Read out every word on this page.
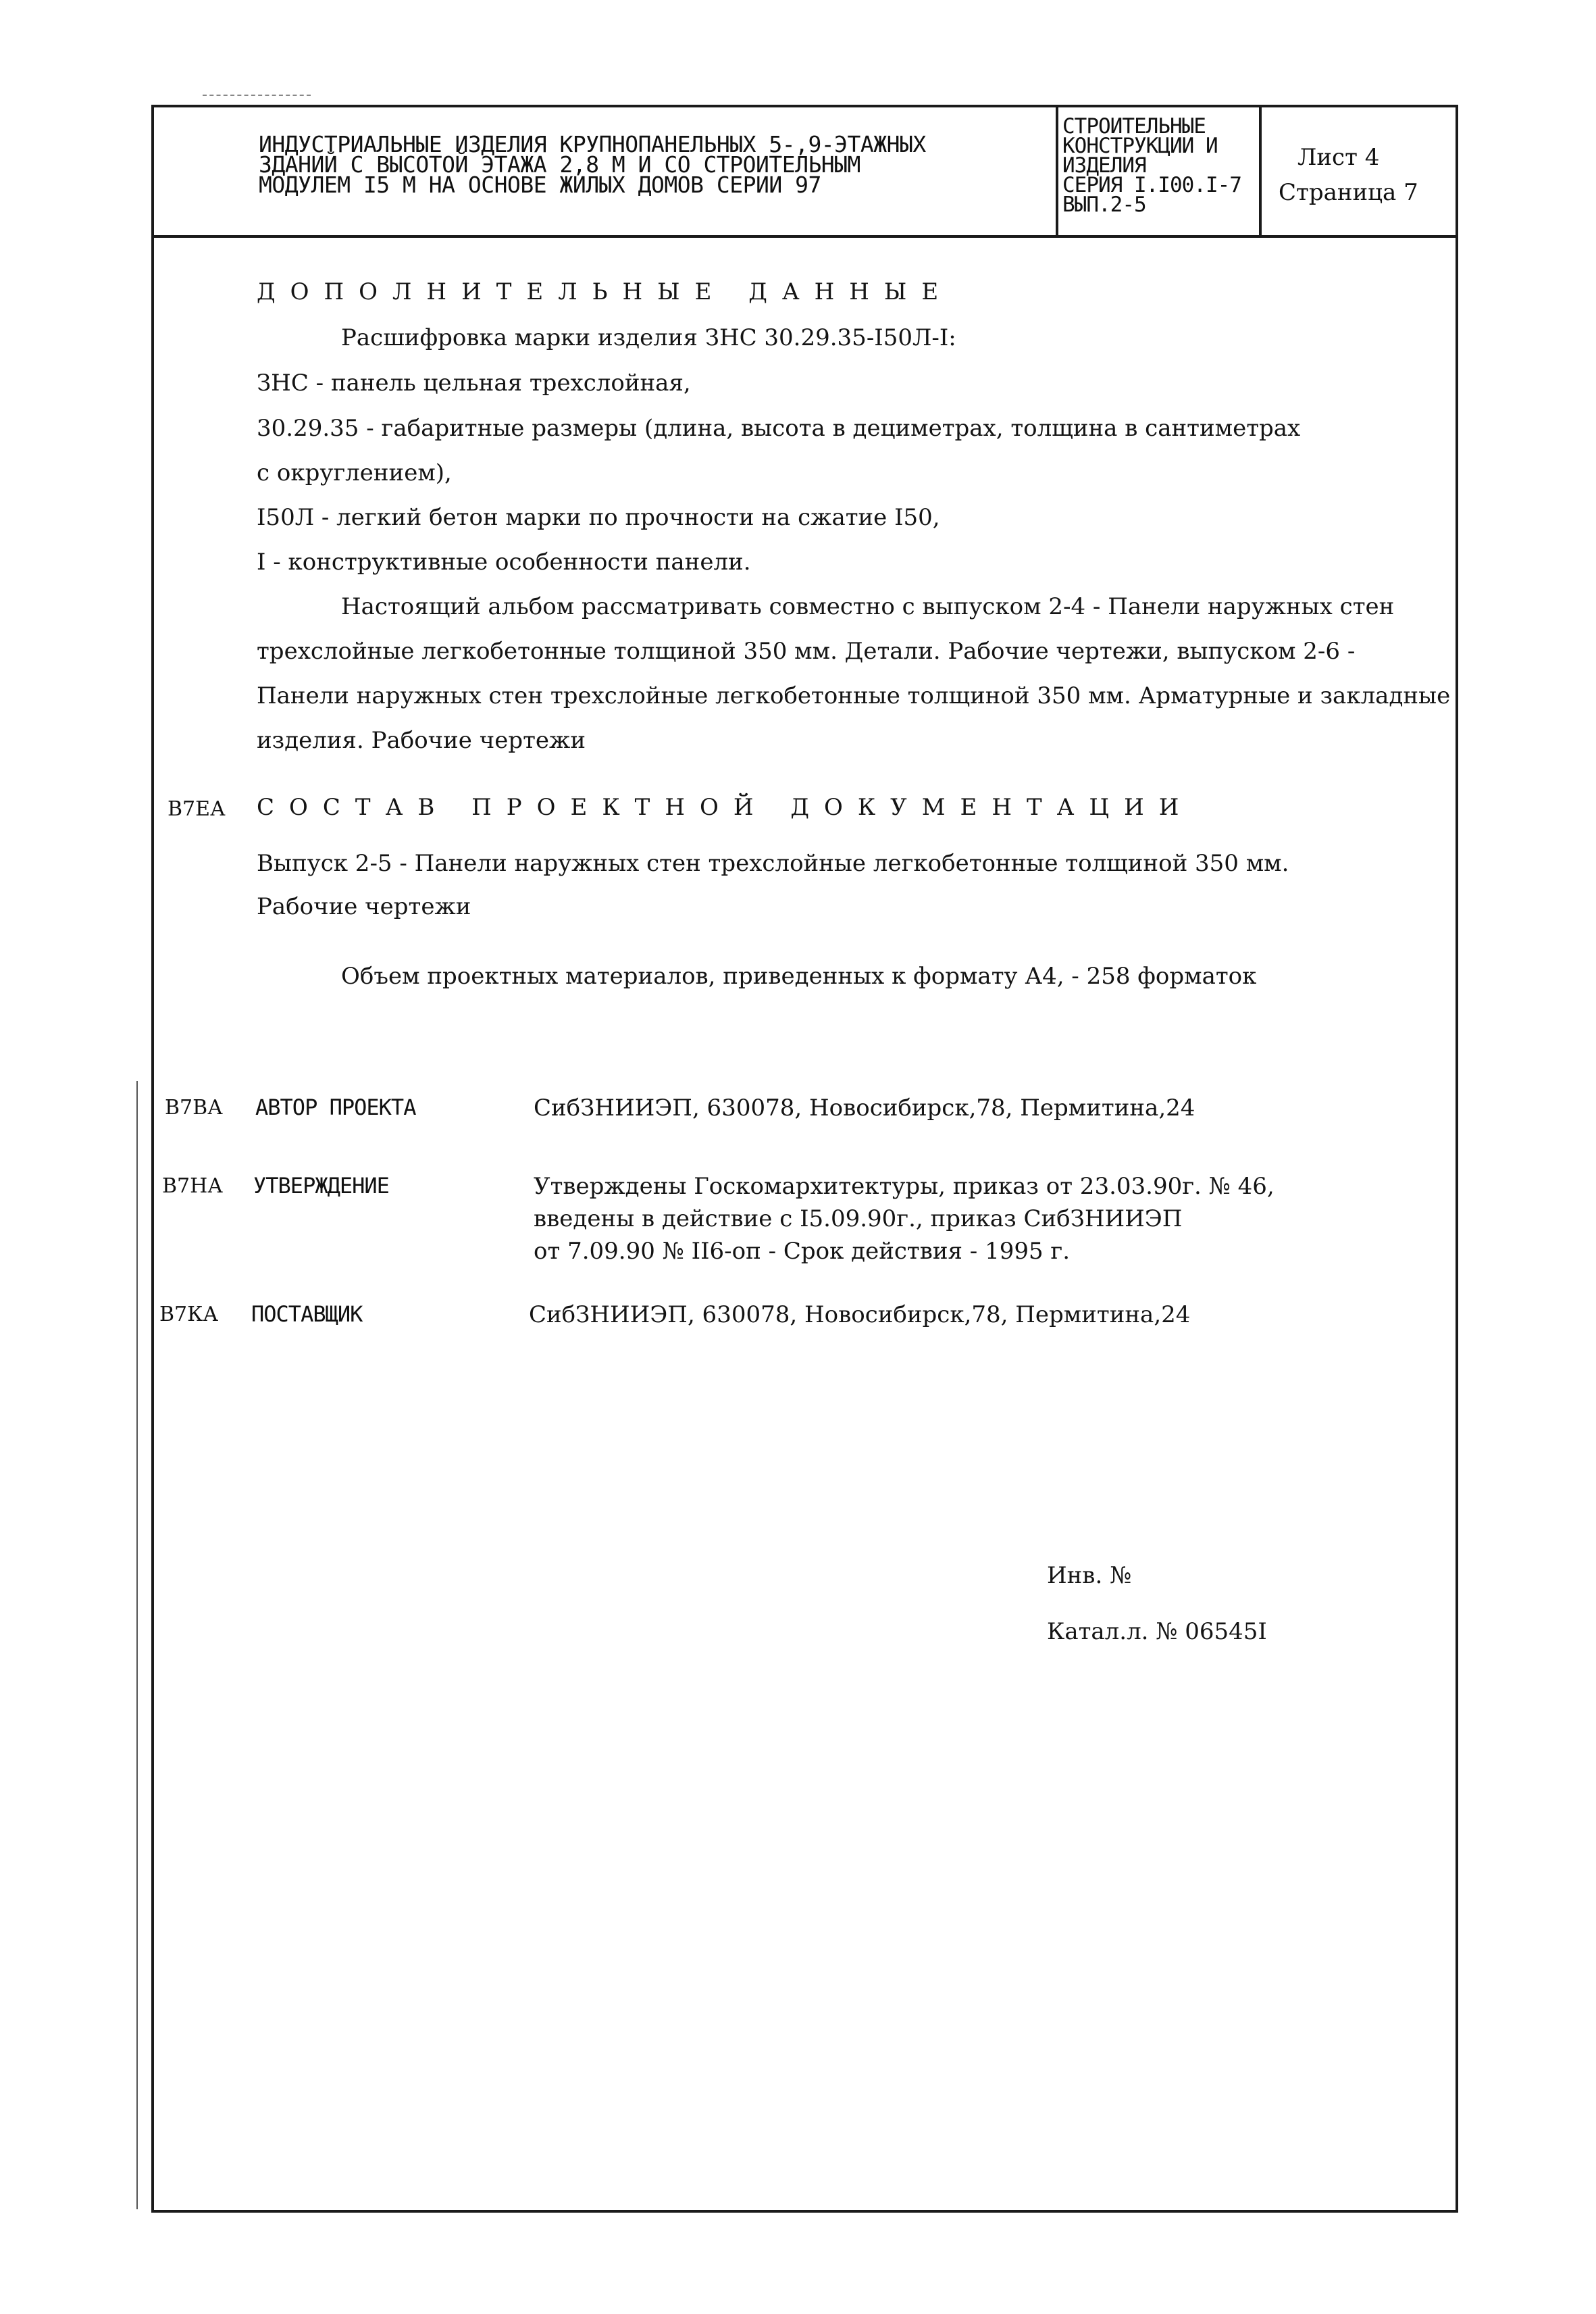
ИНДУСТРИАЛЬНЫЕ ИЗДЕЛИЯ КРУПНОПАНЕЛЬНЫХ 5-,9-ЭТАЖНЫХ
ЗДАНИЙ С ВЫСОТОЙ ЭТАЖА 2,8 М И СО СТРОИТЕЛЬНЫМ
МОДУЛЕМ I5 М НА ОСНОВЕ ЖИЛЫХ ДОМОВ СЕРИИ 97
СТРОИТЕЛЬНЫЕ
КОНСТРУКЦИИ И
ИЗДЕЛИЯ
СЕРИЯ I.I00.I-7
ВЫП.2-5
Лист 4
Страница 7
ДОПОЛНИТЕЛЬНЫЕ ДАННЫЕ
Расшифровка марки изделия ЗНС 30.29.35-I50Л-I:
ЗНС - панель цельная трехслойная,
30.29.35 - габаритные размеры (длина, высота в дециметрах, толщина в сантиметрах
с округлением),
I50Л - легкий бетон марки по прочности на сжатие I50,
I - конструктивные особенности панели.
Настоящий альбом рассматривать совместно с выпуском 2-4 - Панели наружных стен
трехслойные легкобетонные толщиной 350 мм. Детали. Рабочие чертежи, выпуском 2-6 -
Панели наружных стен трехслойные легкобетонные толщиной 350 мм. Арматурные и закладные
изделия. Рабочие чертежи
В7ЕА СОСТАВ ПРОЕКТНОЙ ДОКУМЕНТАЦИИ
Выпуск 2-5 - Панели наружных стен трехслойные легкобетонные толщиной 350 мм.
Рабочие чертежи
Объем проектных материалов, приведенных к формату А4, - 258 форматок
В7ВА АВТОР ПРОЕКТА	СибЗНИИЭП, 630078, Новосибирск,78, Пермитина,24
В7НА УТВЕРЖДЕНИЕ	Утверждены Госкомархитектуры, приказ от 23.03.90г. № 46,
введены в действие с I5.09.90г., приказ СибЗНИИЭП
от 7.09.90 № II6-оп - Срок действия - 1995 г.
В7КА ПОСТАВЩИК	СибЗНИИЭП, 630078, Новосибирск,78, Пермитина,24
Инв. №
Катал.л. № 06545I
